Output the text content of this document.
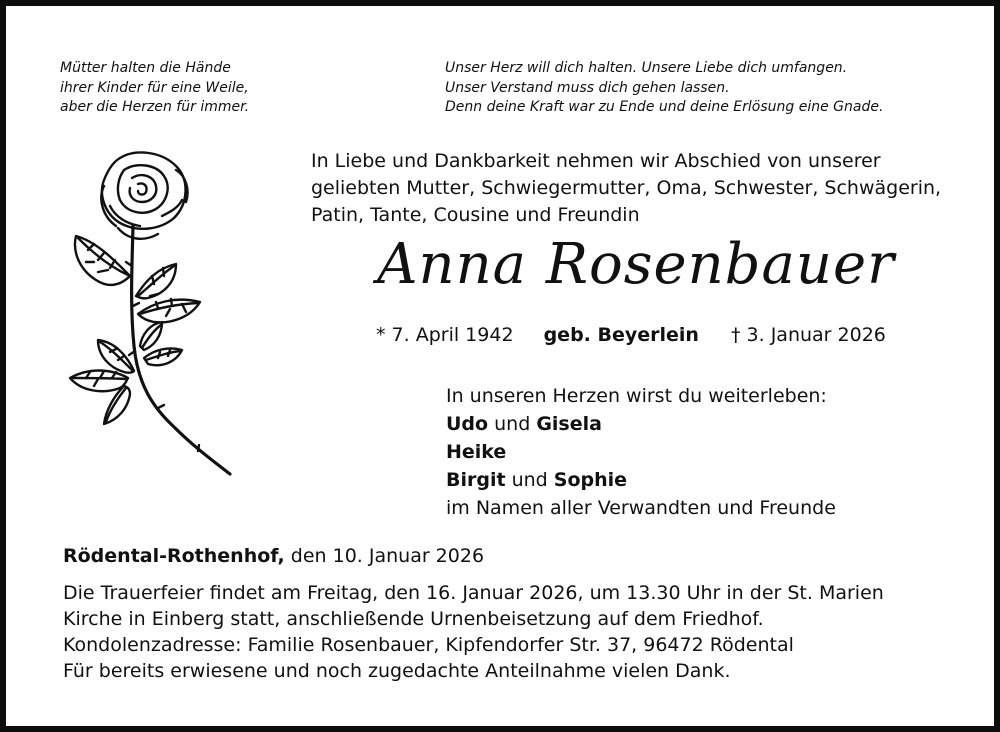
Mütter halten die Hände
ihrer Kinder für eine Weile,
aber die Herzen für immer.
Unser Herz will dich halten. Unsere Liebe dich umfangen.
Unser Verstand muss dich gehen lassen.
Denn deine Kraft war zu Ende und deine Erlösung eine Gnade.
In Liebe und Dankbarkeit nehmen wir Abschied von unserer
geliebten Mutter, Schwiegermutter, Oma, Schwester, Schwägerin,
Patin, Tante, Cousine und Freundin
Anna Rosenbauer
* 7. April 1942 geb. Beyerlein † 3. Januar 2026
In unseren Herzen wirst du weiterleben:
Udo und Gisela
Heike
Birgit und Sophie
im Namen aller Verwandten und Freunde
Rödental-Rothenhof, den 10. Januar 2026
Die Trauerfeier findet am Freitag, den 16. Januar 2026, um 13.30 Uhr in der St. Marien
Kirche in Einberg statt, anschließende Urnenbeisetzung auf dem Friedhof.
Kondolenzadresse: Familie Rosenbauer, Kipfendorfer Str. 37, 96472 Rödental
Für bereits erwiesene und noch zugedachte Anteilnahme vielen Dank.
